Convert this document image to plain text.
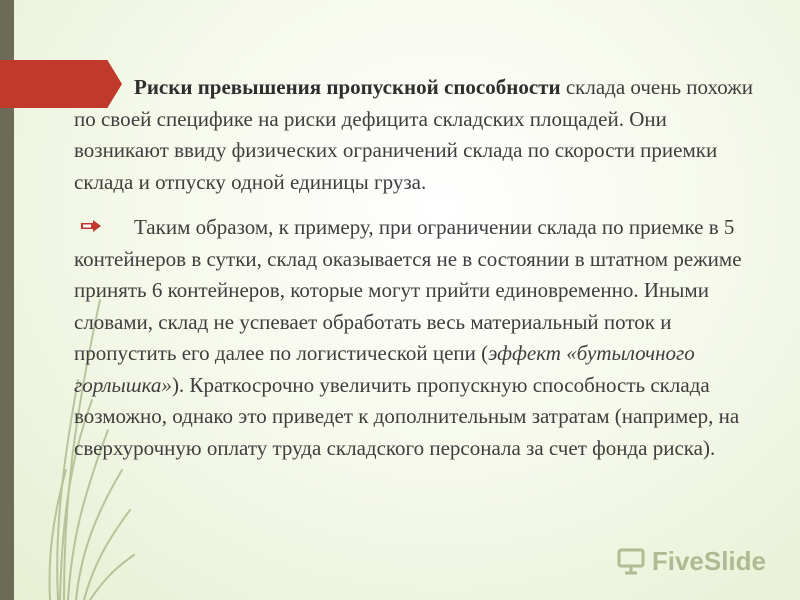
Риски превышения пропускной способности склада очень похожи по своей специфике на риски дефицита складских площадей. Они возникают ввиду физических ограничений склада по скорости приемки склада и отпуску одной единицы груза.

Таким образом, к примеру, при ограничении склада по приемке в 5 контейнеров в сутки, склад оказывается не в состоянии в штатном режиме принять 6 контейнеров, которые могут прийти единовременно. Иными словами, склад не успевает обработать весь материальный поток и пропустить его далее по логистической цепи (эффект «бутылочного горлышка»). Краткосрочно увеличить пропускную способность склада возможно, однако это приведет к дополнительным затратам (например, на сверхурочную оплату труда складского персонала за счет фонда риска).

FiveSlide
